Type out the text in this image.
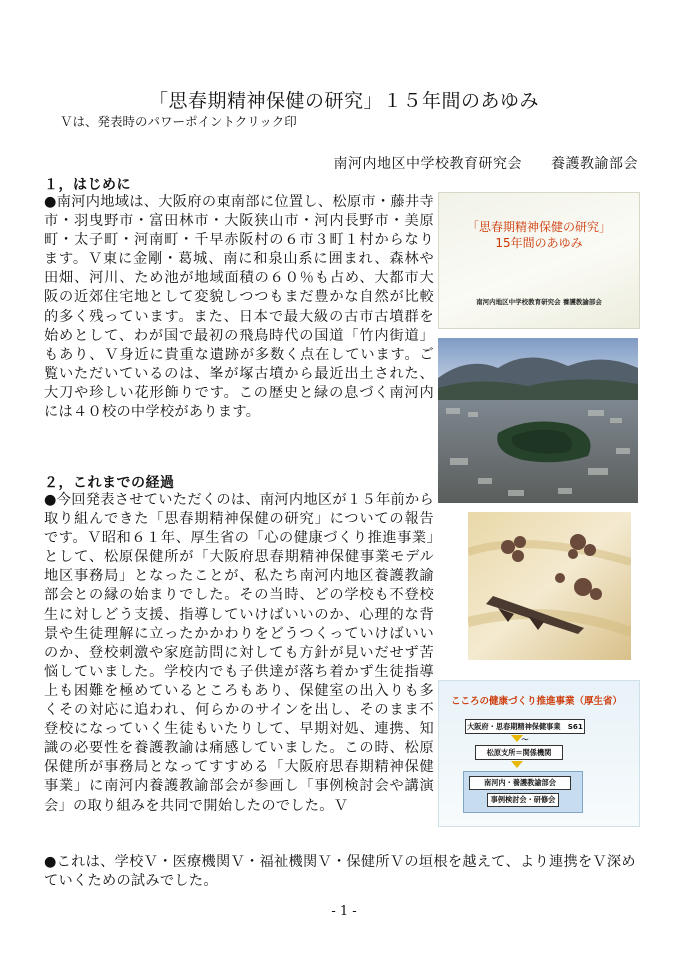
「思春期精神保健の研究」１５年間のあゆみ
Ｖは、発表時のパワーポイントクリック印
南河内地区中学校教育研究会　　養護教諭部会
１，はじめに
●南河内地域は、大阪府の東南部に位置し、松原市・藤井寺市・羽曳野市・富田林市・大阪狭山市・河内長野市・美原町・太子町・河南町・千早赤阪村の６市３町１村からなります。Ｖ東に金剛・葛城、南に和泉山系に囲まれ、森林や田畑、河川、ため池が地域面積の６０％も占め、大都市大阪の近郊住宅地として変貌しつつもまだ豊かな自然が比較的多く残っています。また、日本で最大級の古市古墳群を始めとして、わが国で最初の飛鳥時代の国道「竹内街道」もあり、Ｖ身近に貴重な遺跡が多数く点在しています。ご覧いただいているのは、峯が塚古墳から最近出土された、大刀や珍しい花形飾りです。この歴史と緑の息づく南河内には４０校の中学校があります。
２，これまでの経過
●今回発表させていただくのは、南河内地区が１５年前から取り組んできた「思春期精神保健の研究」についての報告です。Ｖ昭和６１年、厚生省の「心の健康づくり推進事業」として、松原保健所が「大阪府思春期精神保健事業モデル地区事務局」となったことが、私たち南河内地区養護教諭部会との縁の始まりでした。その当時、どの学校も不登校生に対しどう支援、指導していけばいいのか、心理的な背景や生徒理解に立ったかかわりをどうつくっていけばいいのか、登校刺激や家庭訪問に対しても方針が見いだせず苦悩していました。学校内でも子供達が落ち着かず生徒指導上も困難を極めているところもあり、保健室の出入りも多くその対応に追われ、何らかのサインを出し、そのまま不登校になっていく生徒もいたりして、早期対処、連携、知識の必要性を養護教諭は痛感していました。この時、松原保健所が事務局となってすすめる「大阪府思春期精神保健事業」に南河内養護教諭部会が参画し「事例検討会や講演会」の取り組みを共同で開始したのでした。Ｖ
●これは、学校Ｖ・医療機関Ｖ・福祉機関Ｖ・保健所Ｖの垣根を越えて、より連携をＶ深めていくための試みでした。
- 1 -
「思春期精神保健の研究」
15年間のあゆみ
南河内地区中学校教育研究会 養護教諭部会
こころの健康づくり推進事業（厚生省）
大阪府・思春期精神保健事業　S61～
松原支所＝関係機関
南河内・養護教諭部会
事例検討会・研修会
